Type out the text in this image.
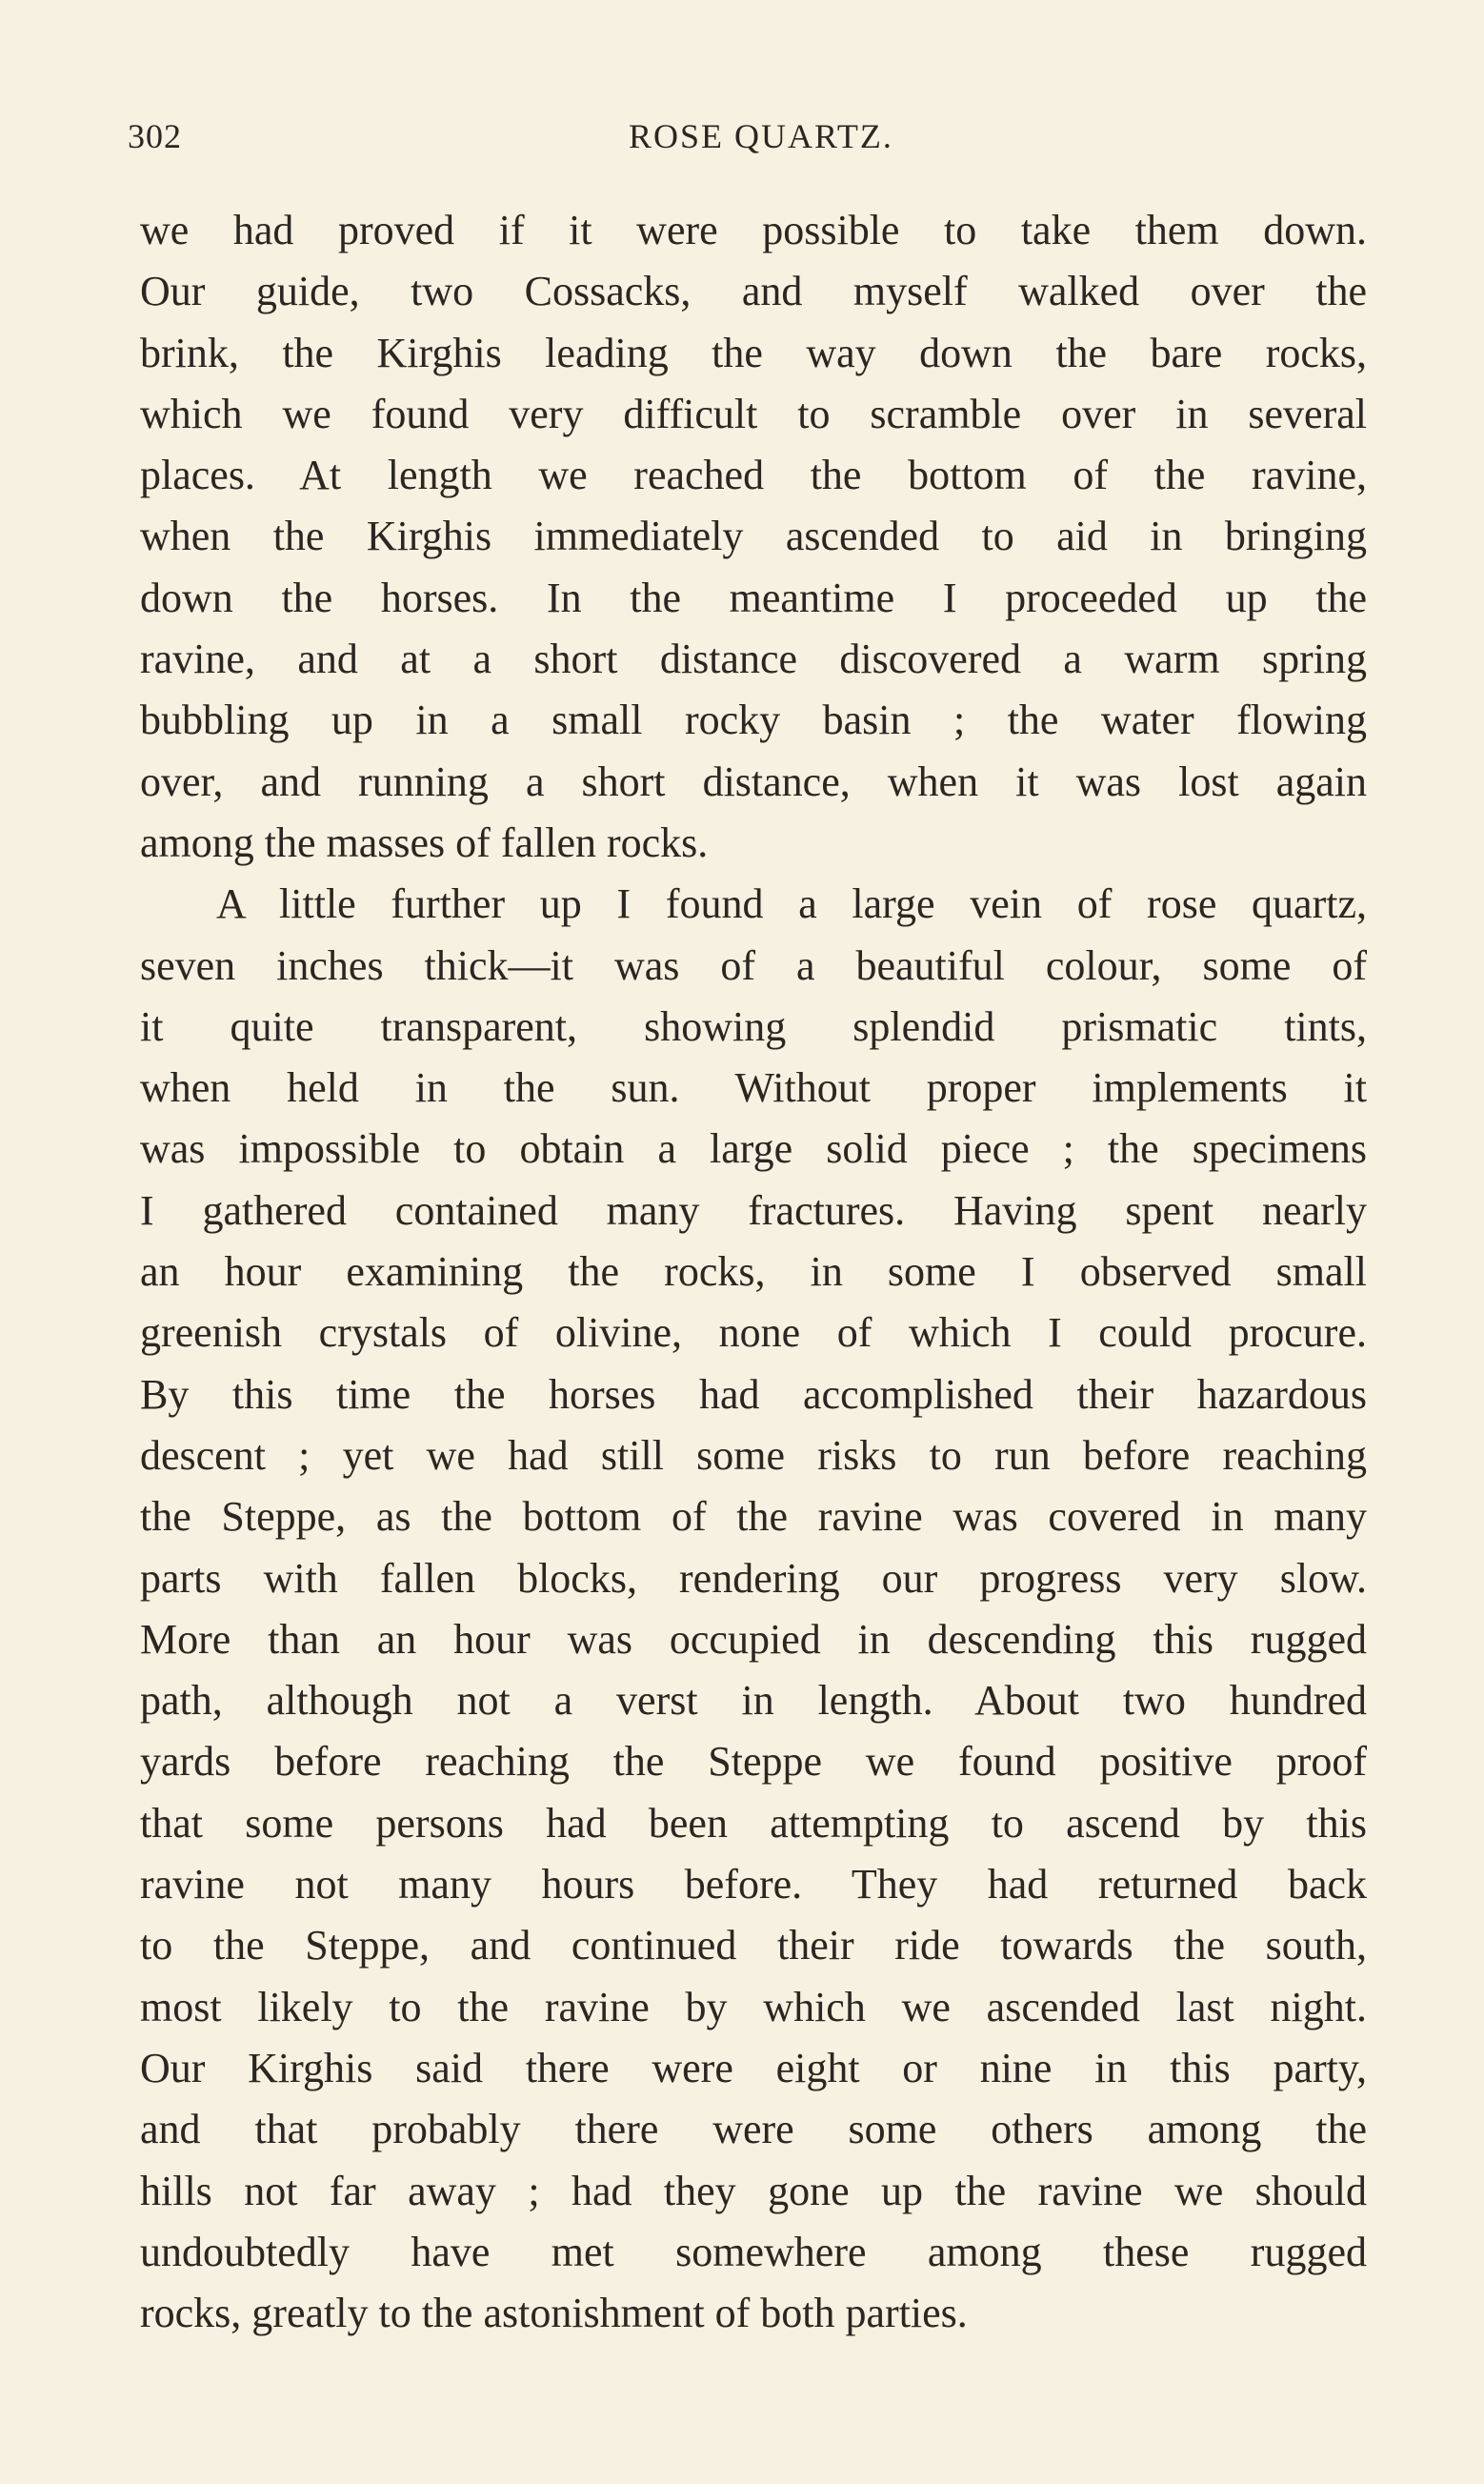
302	ROSE QUARTZ.
we had proved if it were possible to take them down.
Our guide, two Cossacks, and myself walked over the
brink, the Kirghis leading the way down the bare rocks,
which we found very difficult to scramble over in several
places. At length we reached the bottom of the ravine,
when the Kirghis immediately ascended to aid in bringing
down the horses. In the meantime I proceeded up the
ravine, and at a short distance discovered a warm spring
bubbling up in a small rocky basin ; the water flowing
over, and running a short distance, when it was lost again
among the masses of fallen rocks.
A little further up I found a large vein of rose quartz,
seven inches thick—it was of a beautiful colour, some of
it quite transparent, showing splendid prismatic tints,
when held in the sun. Without proper implements it
was impossible to obtain a large solid piece ; the specimens
I gathered contained many fractures. Having spent nearly
an hour examining the rocks, in some I observed small
greenish crystals of olivine, none of which I could procure.
By this time the horses had accomplished their hazardous
descent ; yet we had still some risks to run before reaching
the Steppe, as the bottom of the ravine was covered in many
parts with fallen blocks, rendering our progress very slow.
More than an hour was occupied in descending this rugged
path, although not a verst in length. About two hundred
yards before reaching the Steppe we found positive proof
that some persons had been attempting to ascend by this
ravine not many hours before. They had returned back
to the Steppe, and continued their ride towards the south,
most likely to the ravine by which we ascended last night.
Our Kirghis said there were eight or nine in this party,
and that probably there were some others among the
hills not far away ; had they gone up the ravine we should
undoubtedly have met somewhere among these rugged
rocks, greatly to the astonishment of both parties.
